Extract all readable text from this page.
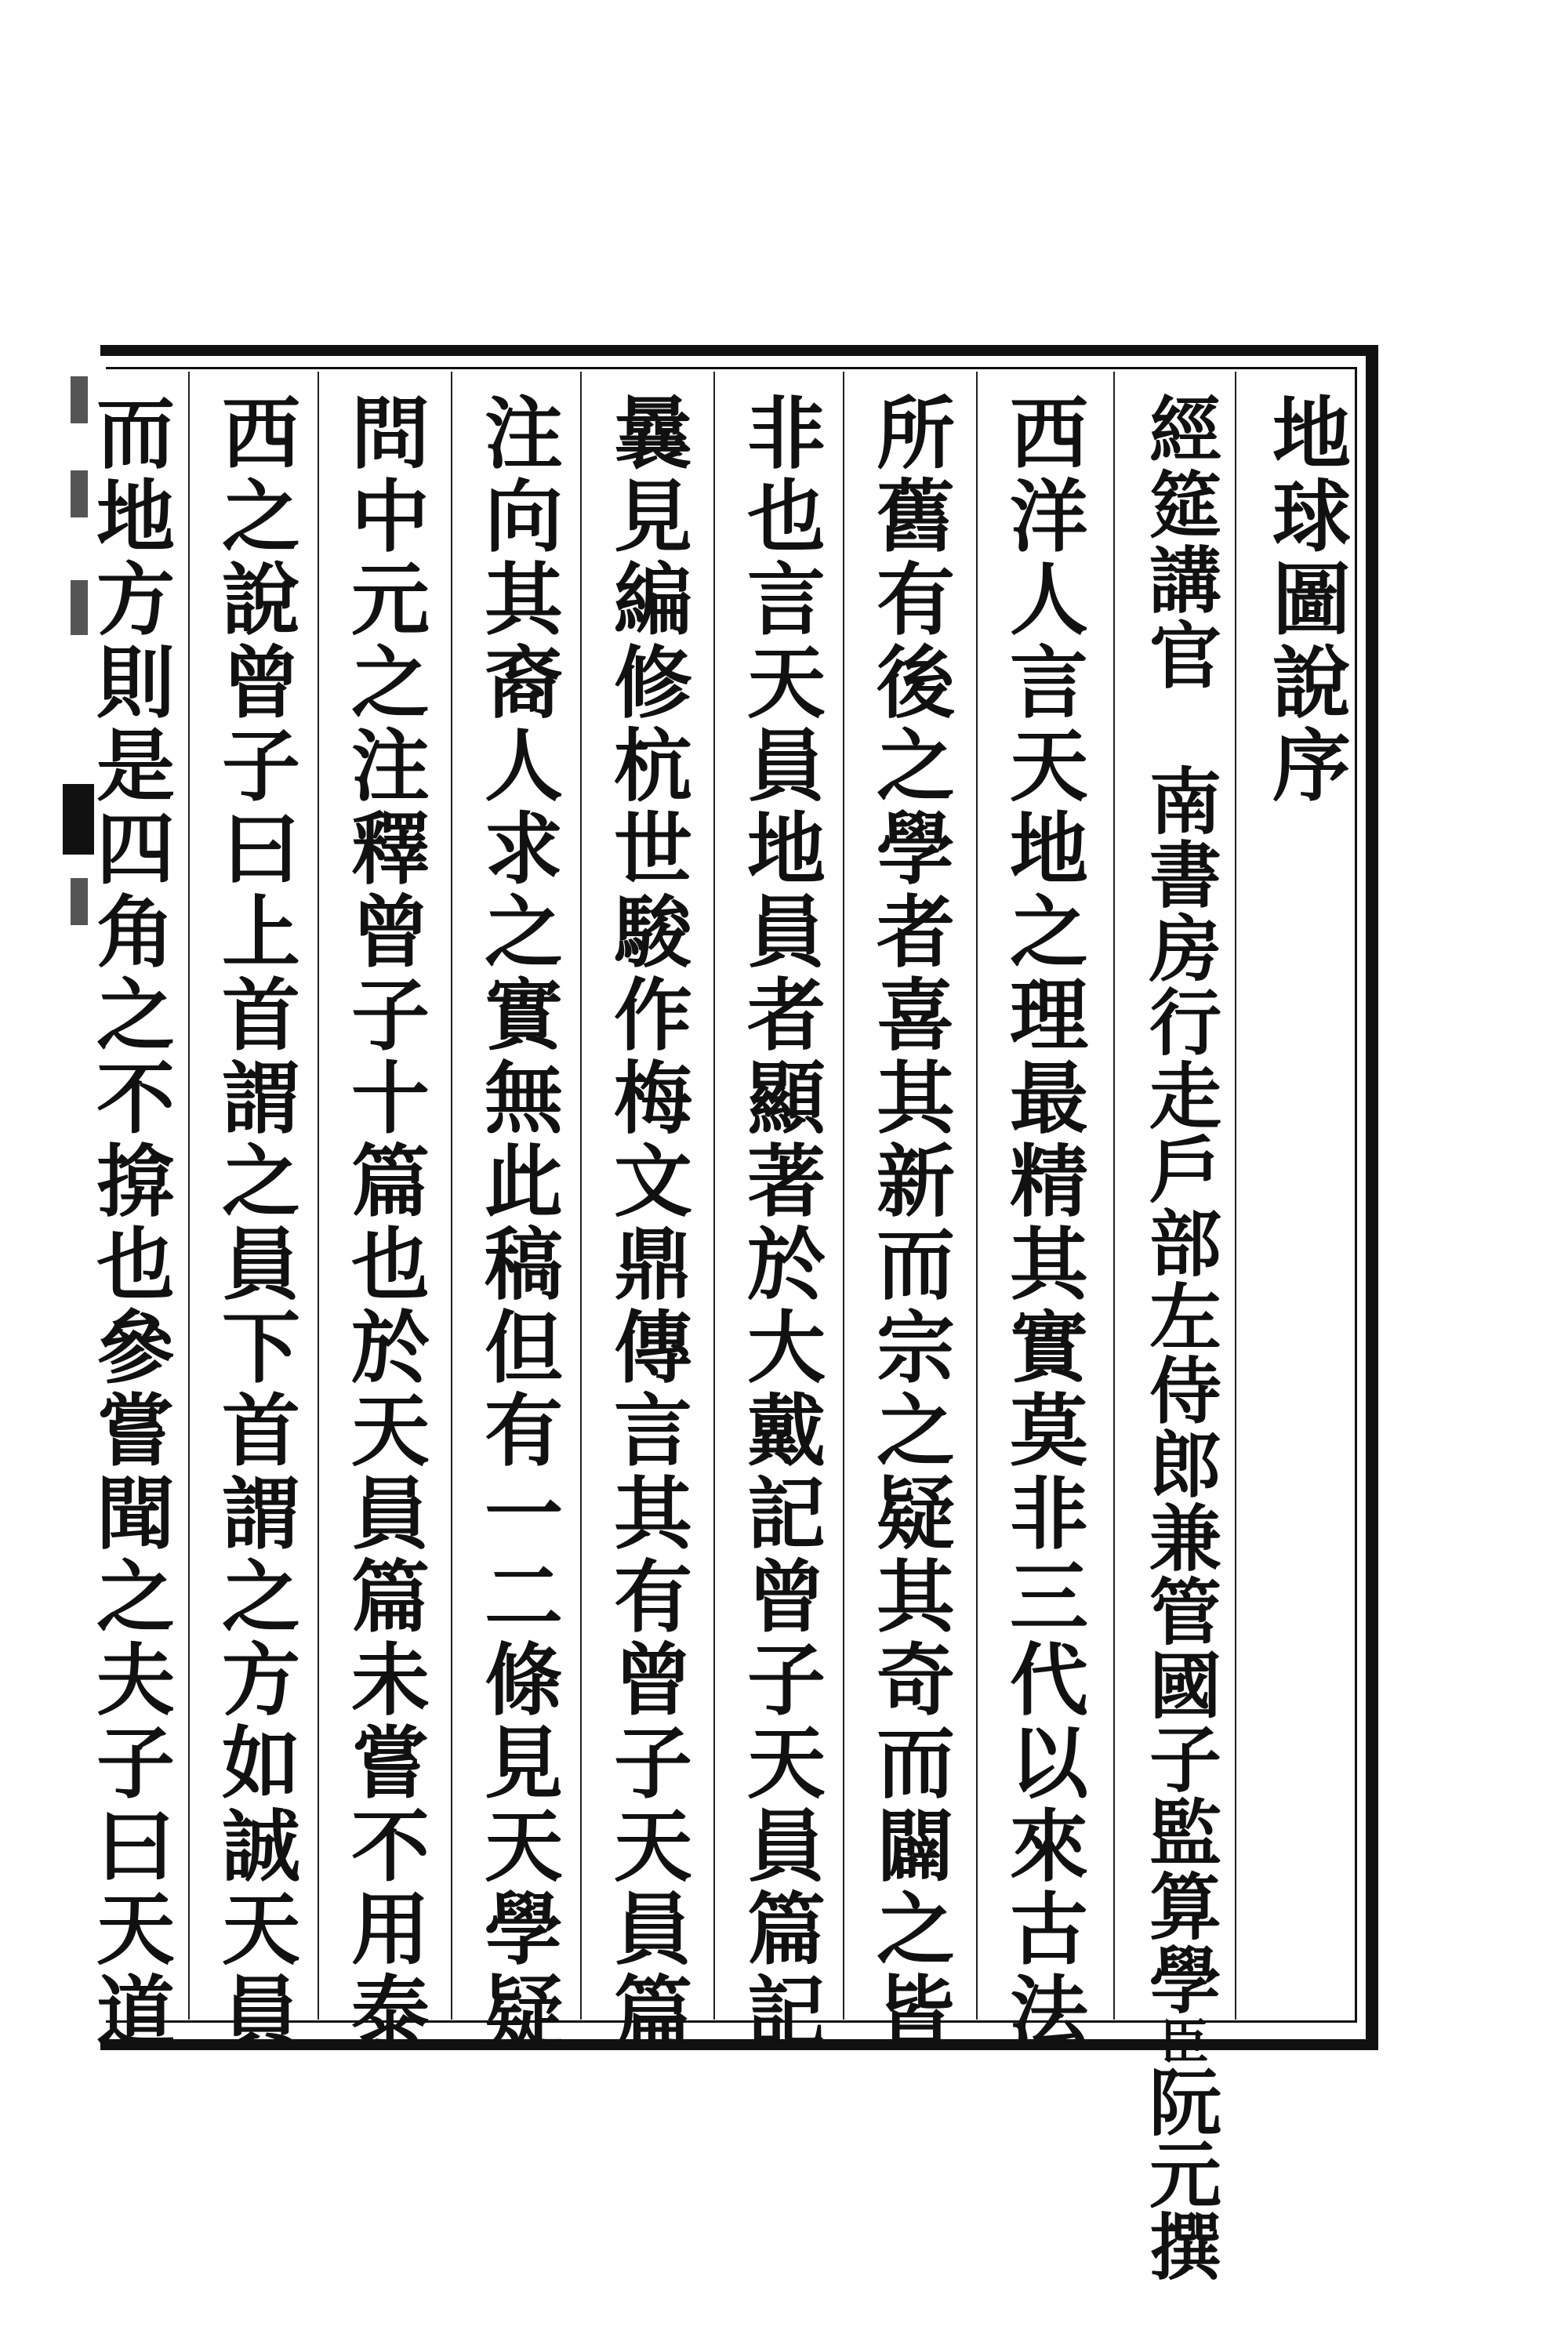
地球圖說序
經筵講官南書房行走戶部左侍郎兼管國子監算學臣阮元撰
西洋人言天地之理最精其實莫非三代以來古法
所舊有後之學者喜其新而宗之疑其奇而闢之皆
非也言天員地員者顯著於大戴記曾子天員篇記
曩見編修杭世駿作梅文鼎傳言其有曾子天員篇
注向其裔人求之實無此稿但有一二條見天學疑
問中元之注釋曾子十篇也於天員篇未嘗不用泰
西之說曾子曰上首謂之員下首謂之方如誠天員
而地方則是四角之不揜也參嘗聞之夫子曰天道
